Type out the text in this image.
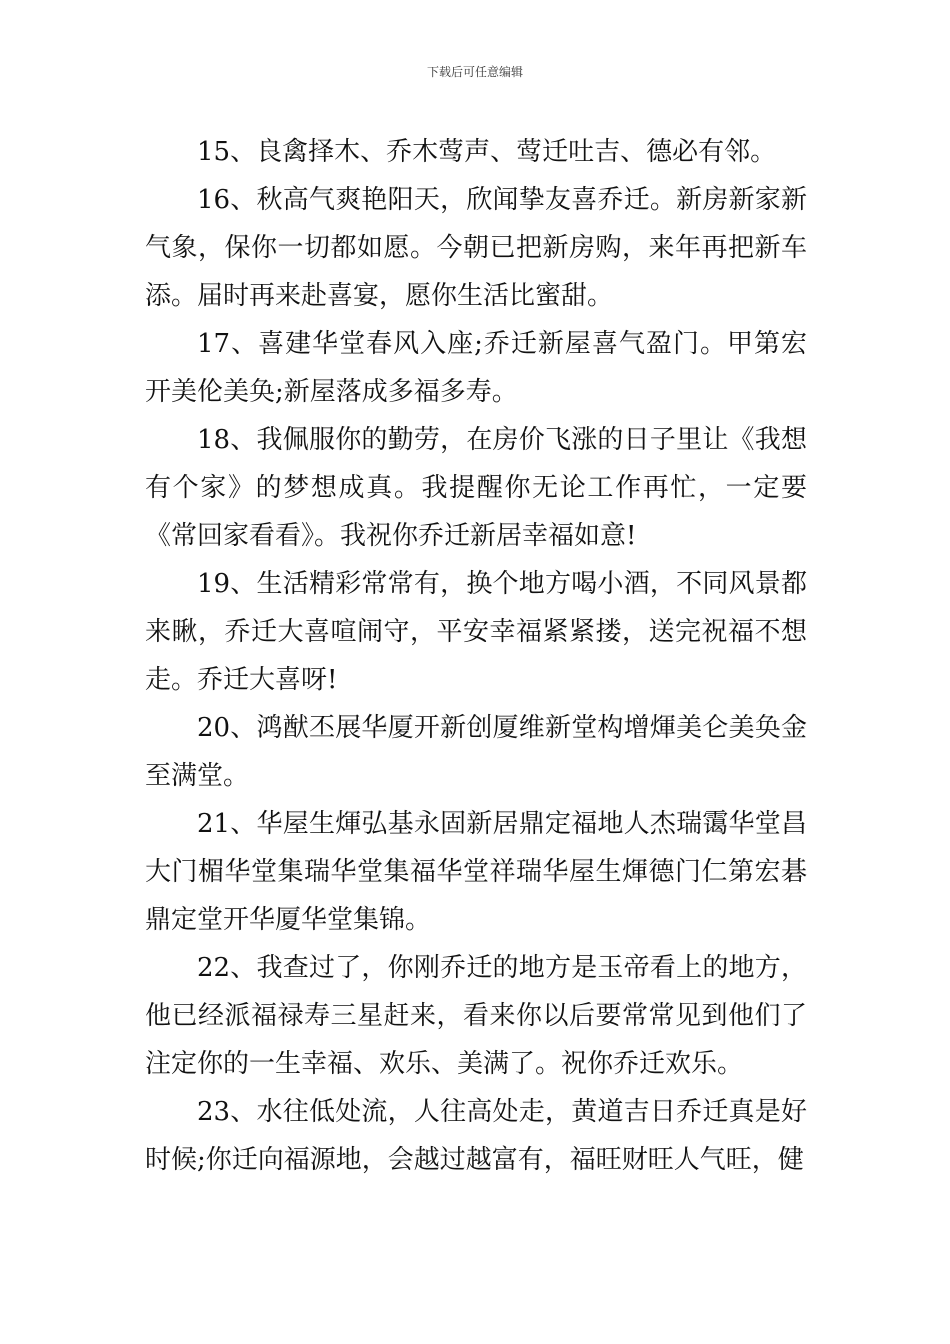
下载后可任意编辑

15、良禽择木、乔木莺声、莺迁吐吉、德必有邻。

16、秋高气爽艳阳天，欣闻挚友喜乔迁。新房新家新气象，保你一切都如愿。今朝已把新房购，来年再把新车添。届时再来赴喜宴，愿你生活比蜜甜。

17、喜建华堂春风入座;乔迁新屋喜气盈门。甲第宏开美伦美奂;新屋落成多福多寿。

18、我佩服你的勤劳，在房价飞涨的日子里让《我想有个家》的梦想成真。我提醒你无论工作再忙，一定要《常回家看看》。我祝你乔迁新居幸福如意!

19、生活精彩常常有，换个地方喝小酒，不同风景都来瞅，乔迁大喜喧闹守，平安幸福紧紧搂，送完祝福不想走。乔迁大喜呀!

20、鸿猷丕展华厦开新创厦维新堂构增煇美仑美奂金至满堂。

21、华屋生煇弘基永固新居鼎定福地人杰瑞霭华堂昌大门楣华堂集瑞华堂集福华堂祥瑞华屋生煇德门仁第宏碁鼎定堂开华厦华堂集锦。

22、我查过了，你刚乔迁的地方是玉帝看上的地方，他已经派福禄寿三星赶来，看来你以后要常常见到他们了注定你的一生幸福、欢乐、美满了。祝你乔迁欢乐。

23、水往低处流，人往高处走，黄道吉日乔迁真是好时候;你迁向福源地，会越过越富有，福旺财旺人气旺，健
